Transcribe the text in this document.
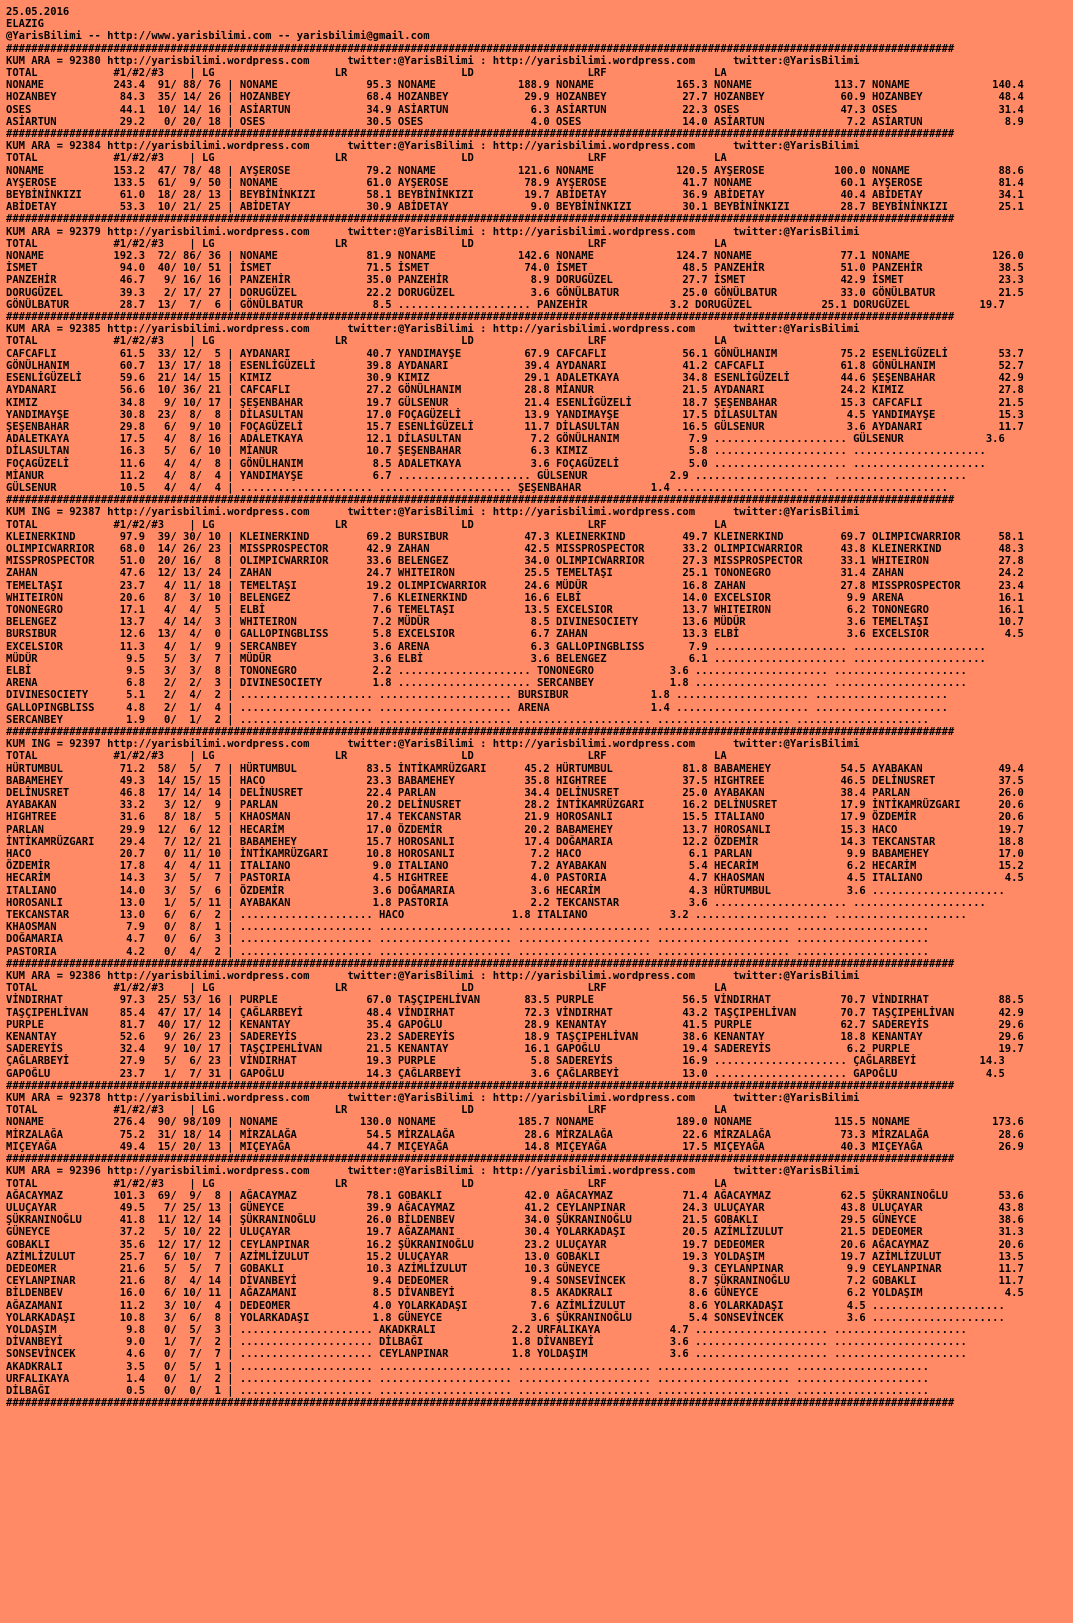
25.05.2016
ELAZIG
@YarisBilimi -- http://www.yarisbilimi.com -- yarisbilimi@gmail.com
######################################################################################################################################################
KUM ARA = 92380 http://yarisbilimi.wordpress.com      twitter:@YarisBilimi : http://yarisbilimi.wordpress.com      twitter:@YarisBilimi
TOTAL            #1/#2/#3    | LG                   LR                  LD                  LRF                 LA
NONAME           243.4  91/ 88/ 76 | NONAME              95.3 NONAME             188.9 NONAME             165.3 NONAME             113.7 NONAME             140.4
HOZANBEY          84.3  35/ 14/ 26 | HOZANBEY            68.4 HOZANBEY            29.9 HOZANBEY            27.7 HOZANBEY            60.9 HOZANBEY            48.4
OSES              44.1  10/ 14/ 16 | ASİARTUN            34.9 ASİARTUN             6.3 ASİARTUN            22.3 OSES                47.3 OSES                31.4
ASİARTUN          29.2   0/ 20/ 18 | OSES                30.5 OSES                 4.0 OSES                14.0 ASİARTUN             7.2 ASİARTUN             8.9

######################################################################################################################################################
KUM ARA = 92384 http://yarisbilimi.wordpress.com      twitter:@YarisBilimi : http://yarisbilimi.wordpress.com      twitter:@YarisBilimi
TOTAL            #1/#2/#3    | LG                   LR                  LD                  LRF                 LA
NONAME           153.2  47/ 78/ 48 | AYŞEROSE            79.2 NONAME             121.6 NONAME             120.5 AYŞEROSE           100.0 NONAME              88.6
AYŞEROSE         133.5  61/  9/ 50 | NONAME              61.0 AYŞEROSE            78.9 AYŞEROSE            41.7 NONAME              60.1 AYŞEROSE            81.4
BEYBİNİNKIZI      61.0  18/ 28/ 13 | BEYBİNİNKIZI        58.1 BEYBİNİNKIZI        19.7 ABİDETAY            36.9 ABİDETAY            40.4 ABİDETAY            34.1
ABİDETAY          53.3  10/ 21/ 25 | ABİDETAY            30.9 ABİDETAY             9.0 BEYBİNİNKIZI        30.1 BEYBİNİNKIZI        28.7 BEYBİNİNKIZI        25.1

######################################################################################################################################################
KUM ARA = 92379 http://yarisbilimi.wordpress.com      twitter:@YarisBilimi : http://yarisbilimi.wordpress.com      twitter:@YarisBilimi
TOTAL            #1/#2/#3    | LG                   LR                  LD                  LRF                 LA
NONAME           192.3  72/ 86/ 36 | NONAME              81.9 NONAME             142.6 NONAME             124.7 NONAME              77.1 NONAME             126.0
İSMET             94.0  40/ 10/ 51 | İSMET               71.5 İSMET               74.0 İSMET               48.5 PANZEHİR            51.0 PANZEHİR            38.5
PANZEHİR          46.7   9/ 16/ 16 | PANZEHİR            35.0 PANZEHİR             8.9 DORUGÜZEL           27.7 İSMET               42.9 İSMET               23.3
DORUGÜZEL         39.3   2/ 17/ 27 | DORUGÜZEL           22.2 DORUGÜZEL            3.6 GÖNÜLBATUR          25.0 GÖNÜLBATUR          33.0 GÖNÜLBATUR          21.5
GÖNÜLBATUR        28.7  13/  7/  6 | GÖNÜLBATUR           8.5 ..................... PANZEHİR             3.2 DORUGÜZEL           25.1 DORUGÜZEL           19.7

######################################################################################################################################################
KUM ARA = 92385 http://yarisbilimi.wordpress.com      twitter:@YarisBilimi : http://yarisbilimi.wordpress.com      twitter:@YarisBilimi
TOTAL            #1/#2/#3    | LG                   LR                  LD                  LRF                 LA
CAFCAFLI          61.5  33/ 12/  5 | AYDANARI            40.7 YANDIMAYŞE          67.9 CAFCAFLI            56.1 GÖNÜLHANIM          75.2 ESENLİGÜZELİ        53.7
GÖNÜLHANIM        60.7  13/ 17/ 18 | ESENLİGÜZELİ        39.8 AYDANARI            39.4 AYDANARI            41.2 CAFCAFLI            61.8 GÖNÜLHANIM          52.7
ESENLİGÜZELİ      59.6  21/ 14/ 15 | KIMIZ               30.9 KIMIZ               29.1 ADALETKAYA          34.8 ESENLİGÜZELİ        44.6 ŞEŞENBAHAR          42.9
AYDANARI          56.6  10/ 36/ 21 | CAFCAFLI            27.2 GÖNÜLHANIM          28.8 MİANUR              21.5 AYDANARI            24.2 KIMIZ               27.8
KIMIZ             34.8   9/ 10/ 17 | ŞEŞENBAHAR          19.7 GÜLSENUR            21.4 ESENLİGÜZELİ        18.7 ŞEŞENBAHAR          15.3 CAFCAFLI            21.5
YANDIMAYŞE        30.8  23/  8/  8 | DİLASULTAN          17.0 FOÇAGÜZELİ          13.9 YANDIMAYŞE          17.5 DİLASULTAN           4.5 YANDIMAYŞE          15.3
ŞEŞENBAHAR        29.8   6/  9/ 10 | FOÇAGÜZELİ          15.7 ESENLİGÜZELİ        11.7 DİLASULTAN          16.5 GÜLSENUR             3.6 AYDANARI            11.7
ADALETKAYA        17.5   4/  8/ 16 | ADALETKAYA          12.1 DİLASULTAN           7.2 GÖNÜLHANIM           7.9 ..................... GÜLSENUR             3.6
DİLASULTAN        16.3   5/  6/ 10 | MİANUR              10.7 ŞEŞENBAHAR           6.3 KIMIZ                5.8 ..................... .....................
FOÇAGÜZELİ        11.6   4/  4/  8 | GÖNÜLHANIM           8.5 ADALETKAYA           3.6 FOÇAGÜZELİ           5.0 ..................... .....................
MİANUR            11.2   4/  8/  4 | YANDIMAYŞE           6.7 ..................... GÜLSENUR             2.9 ..................... .....................
GÜLSENUR          10.5   4/  4/  4 | ..................... ..................... ŞEŞENBAHAR           1.4 ..................... .....................

######################################################################################################################################################
KUM ING = 92387 http://yarisbilimi.wordpress.com      twitter:@YarisBilimi : http://yarisbilimi.wordpress.com      twitter:@YarisBilimi
TOTAL            #1/#2/#3    | LG                   LR                  LD                  LRF                 LA
KLEINERKIND       97.9  39/ 30/ 10 | KLEINERKIND         69.2 BURSIBUR            47.3 KLEINERKIND         49.7 KLEINERKIND         69.7 OLIMPICWARRIOR      58.1
OLIMPICWARRIOR    68.0  14/ 26/ 23 | MISSPROSPECTOR      42.9 ZAHAN               42.5 MISSPROSPECTOR      33.2 OLIMPICWARRIOR      43.8 KLEINERKIND         48.3
MISSPROSPECTOR    51.0  20/ 16/  8 | OLIMPICWARRIOR      33.6 BELENGEZ            34.0 OLIMPICWARRIOR      27.3 MISSPROSPECTOR      33.1 WHITEIRON           27.8
ZAHAN             47.6  12/ 13/ 24 | ZAHAN               24.7 WHITEIRON           25.5 TEMELTAŞI           25.1 TONONEGRO           31.4 ZAHAN               24.2
TEMELTAŞI         23.7   4/ 11/ 18 | TEMELTAŞI           19.2 OLIMPICWARRIOR      24.6 MÜDÜR               16.8 ZAHAN               27.8 MISSPROSPECTOR      23.4
WHITEIRON         20.6   8/  3/ 10 | BELENGEZ             7.6 KLEINERKIND         16.6 ELBİ                14.0 EXCELSIOR            9.9 ARENA               16.1
TONONEGRO         17.1   4/  4/  5 | ELBİ                 7.6 TEMELTAŞI           13.5 EXCELSIOR           13.7 WHITEIRON            6.2 TONONEGRO           16.1
BELENGEZ          13.7   4/ 14/  3 | WHITEIRON            7.2 MÜDÜR                8.5 DIVINESOCIETY       13.6 MÜDÜR                3.6 TEMELTAŞI           10.7
BURSIBUR          12.6  13/  4/  0 | GALLOPINGBLISS       5.8 EXCELSIOR            6.7 ZAHAN               13.3 ELBİ                 3.6 EXCELSIOR            4.5
EXCELSIOR         11.3   4/  1/  9 | SERCANBEY            3.6 ARENA                6.3 GALLOPINGBLISS       7.9 ..................... .....................
MÜDÜR              9.5   5/  3/  7 | MÜDÜR                3.6 ELBİ                 3.6 BELENGEZ             6.1 ..................... .....................
ELBİ               9.5   3/  3/  8 | TONONEGRO            2.2 ..................... TONONEGRO            3.6 ..................... .....................
ARENA              6.8   2/  2/  3 | DIVINESOCIETY        1.8 ..................... SERCANBEY            1.8 ..................... .....................
DIVINESOCIETY      5.1   2/  4/  2 | ..................... ..................... BURSIBUR             1.8 ..................... .....................
GALLOPINGBLISS     4.8   2/  1/  4 | ..................... ..................... ARENA                1.4 ..................... .....................
SERCANBEY          1.9   0/  1/  2 | ..................... ..................... ..................... ..................... .....................

######################################################################################################################################################
KUM ING = 92397 http://yarisbilimi.wordpress.com      twitter:@YarisBilimi : http://yarisbilimi.wordpress.com      twitter:@YarisBilimi
TOTAL            #1/#2/#3    | LG                   LR                  LD                  LRF                 LA
HÜRTUMBUL         71.2  58/  5/  7 | HÜRTUMBUL           83.5 İNTİKAMRÜZGARI      45.2 HÜRTUMBUL           81.8 BABAMEHEY           54.5 AYABAKAN            49.4
BABAMEHEY         49.3  14/ 15/ 15 | HACO                23.3 BABAMEHEY           35.8 HIGHTREE            37.5 HIGHTREE            46.5 DELİNUSRET          37.5
DELİNUSRET        46.8  17/ 14/ 14 | DELİNUSRET          22.4 PARLAN              34.4 DELİNUSRET          25.0 AYABAKAN            38.4 PARLAN              26.0
AYABAKAN          33.2   3/ 12/  9 | PARLAN              20.2 DELİNUSRET          28.2 İNTİKAMRÜZGARI      16.2 DELİNUSRET          17.9 İNTİKAMRÜZGARI      20.6
HIGHTREE          31.6   8/ 18/  5 | KHAOSMAN            17.4 TEKCANSTAR          21.9 HOROSANLI           15.5 ITALIANO            17.9 ÖZDEMİR             20.6
PARLAN            29.9  12/  6/ 12 | HECARİM             17.0 ÖZDEMİR             20.2 BABAMEHEY           13.7 HOROSANLI           15.3 HACO                19.7
İNTİKAMRÜZGARI    29.4   7/ 12/ 21 | BABAMEHEY           15.7 HOROSANLI           17.4 DOĞAMARIA           12.2 ÖZDEMİR             14.3 TEKCANSTAR          18.8
HACO              20.7   0/ 11/ 10 | İNTİKAMRÜZGARI      10.8 HOROSANLI            7.2 HACO                 6.1 PARLAN               9.9 BABAMEHEY           17.0
ÖZDEMİR           17.8   4/  4/ 11 | ITALIANO             9.0 ITALIANO             7.2 AYABAKAN             5.4 HECARİM              6.2 HECARİM             15.2
HECARİM           14.3   3/  5/  7 | PASTORIA             4.5 HIGHTREE             4.0 PASTORIA             4.7 KHAOSMAN             4.5 ITALIANO             4.5
ITALIANO          14.0   3/  5/  6 | ÖZDEMİR              3.6 DOĞAMARIA            3.6 HECARİM              4.3 HÜRTUMBUL            3.6 .....................
HOROSANLI         13.0   1/  5/ 11 | AYABAKAN             1.8 PASTORIA             2.2 TEKCANSTAR           3.6 ..................... .....................
TEKCANSTAR        13.0   6/  6/  2 | ..................... HACO                 1.8 ITALIANO             3.2 ..................... .....................
KHAOSMAN           7.9   0/  8/  1 | ..................... ..................... ..................... ..................... .....................
DOĞAMARIA          4.7   0/  6/  3 | ..................... ..................... ..................... ..................... .....................
PASTORIA           4.2   0/  4/  2 | ..................... ..................... ..................... ..................... .....................

######################################################################################################################################################
KUM ARA = 92386 http://yarisbilimi.wordpress.com      twitter:@YarisBilimi : http://yarisbilimi.wordpress.com      twitter:@YarisBilimi
TOTAL            #1/#2/#3    | LG                   LR                  LD                  LRF                 LA
VİNDIRHAT         97.3  25/ 53/ 16 | PURPLE              67.0 TAŞÇIPEHLİVAN       83.5 PURPLE              56.5 VİNDIRHAT           70.7 VİNDIRHAT           88.5
TAŞÇIPEHLİVAN     85.4  47/ 17/ 14 | ÇAĞLARBEYİ          48.4 VİNDIRHAT           72.3 VİNDIRHAT           43.2 TAŞÇIPEHLİVAN       70.7 TAŞÇIPEHLİVAN       42.9
PURPLE            81.7  40/ 17/ 12 | KENANTAY            35.4 GAPOĞLU             28.9 KENANTAY            41.5 PURPLE              62.7 SADEREYİS           29.6
KENANTAY          52.6   9/ 26/ 23 | SADEREYİS           23.2 SADEREYİS           18.9 TAŞÇIPEHLİVAN       38.6 KENANTAY            18.8 KENANTAY            29.6
SADEREYİS         32.4   9/ 10/ 17 | TAŞÇIPEHLİVAN       21.5 KENANTAY            16.1 GAPOĞLU             19.4 SADEREYİS            6.2 PURPLE              19.7
ÇAĞLARBEYİ        27.9   5/  6/ 23 | VİNDIRHAT           19.3 PURPLE               5.8 SADEREYİS           16.9 ..................... ÇAĞLARBEYİ          14.3
GAPOĞLU           23.7   1/  7/ 31 | GAPOĞLU             14.3 ÇAĞLARBEYİ           3.6 ÇAĞLARBEYİ          13.0 ..................... GAPOĞLU              4.5

######################################################################################################################################################
KUM ARA = 92378 http://yarisbilimi.wordpress.com      twitter:@YarisBilimi : http://yarisbilimi.wordpress.com      twitter:@YarisBilimi
TOTAL            #1/#2/#3    | LG                   LR                  LD                  LRF                 LA
NONAME           276.4  90/ 98/109 | NONAME             130.0 NONAME             185.7 NONAME             189.0 NONAME             115.5 NONAME             173.6
MİRZALAĞA         75.2  31/ 18/ 14 | MİRZALAĞA           54.5 MİRZALAĞA           28.6 MİRZALAĞA           22.6 MİRZALAĞA           73.3 MİRZALAĞA           28.6
MIÇEYAĞA          49.4  15/ 20/ 13 | MIÇEYAĞA            44.7 MIÇEYAĞA            14.8 MIÇEYAĞA            17.5 MIÇEYAĞA            40.3 MIÇEYAĞA            26.9

######################################################################################################################################################
KUM ARA = 92396 http://yarisbilimi.wordpress.com      twitter:@YarisBilimi : http://yarisbilimi.wordpress.com      twitter:@YarisBilimi
TOTAL            #1/#2/#3    | LG                   LR                  LD                  LRF                 LA
AĞACAYMAZ        101.3  69/  9/  8 | AĞACAYMAZ           78.1 GOBAKLI             42.0 AĞACAYMAZ           71.4 AĞACAYMAZ           62.5 ŞÜKRANINOĞLU        53.6
ULUÇAYAR          49.5   7/ 25/ 13 | GÜNEYCE             39.9 AĞACAYMAZ           41.2 CEYLANPINAR         24.3 ULUÇAYAR            43.8 ULUÇAYAR            43.8
ŞÜKRANINOĞLU      41.8  11/ 12/ 14 | ŞÜKRANINOĞLU        26.0 BİLDENBEV           34.0 ŞÜKRANINOĞLU        21.5 GOBAKLI             29.5 GÜNEYCE             38.6
GÜNEYCE           37.2   5/ 10/ 22 | ULUÇAYAR            19.7 AĞAZAMANI           30.4 YOLARKADAŞI         20.5 AZİMLİZULUT         21.5 DEDEOMER            31.3
GOBAKLI           35.6  12/ 17/ 12 | CEYLANPINAR         16.2 ŞÜKRANINOĞLU        23.2 ULUÇAYAR            19.7 DEDEOMER            20.6 AĞACAYMAZ           20.6
AZİMLİZULUT       25.7   6/ 10/  7 | AZİMLİZULUT         15.2 ULUÇAYAR            13.0 GOBAKLI             19.3 YOLDAŞIM            19.7 AZİMLİZULUT         13.5
DEDEOMER          21.6   5/  5/  7 | GOBAKLI             10.3 AZİMLİZULUT         10.3 GÜNEYCE              9.3 CEYLANPINAR          9.9 CEYLANPINAR         11.7
CEYLANPINAR       21.6   8/  4/ 14 | DİVANBEYİ            9.4 DEDEOMER             9.4 SONSEVİNCEK          8.7 ŞÜKRANINOĞLU         7.2 GOBAKLI             11.7
BİLDENBEV         16.0   6/ 10/ 11 | AĞAZAMANI            8.5 DİVANBEYİ            8.5 AKADKRALI            8.6 GÜNEYCE              6.2 YOLDAŞIM             4.5
AĞAZAMANI         11.2   3/ 10/  4 | DEDEOMER             4.0 YOLARKADAŞI          7.6 AZİMLİZULUT          8.6 YOLARKADAŞI          4.5 .....................
YOLARKADAŞI       10.8   3/  6/  8 | YOLARKADAŞI          1.8 GÜNEYCE              3.6 ŞÜKRANINOĞLU         5.4 SONSEVİNCEK          3.6 .....................
YOLDAŞIM           9.8   0/  5/  3 | ..................... AKADKRALI            2.2 URFALIKAYA           4.7 ..................... .....................
DİVANBEYİ          9.0   1/  7/  2 | ..................... DİLBAĞI              1.8 DİVANBEYİ            3.6 ..................... .....................
SONSEVİNCEK        4.6   0/  7/  7 | ..................... CEYLANPINAR          1.8 YOLDAŞIM             3.6 ..................... .....................
AKADKRALI          3.5   0/  5/  1 | ..................... ..................... ..................... ..................... .....................
URFALIKAYA         1.4   0/  1/  2 | ..................... ..................... ..................... ..................... .....................
DİLBAĞI            0.5   0/  0/  1 | ..................... ..................... ..................... ..................... .....................

######################################################################################################################################################
